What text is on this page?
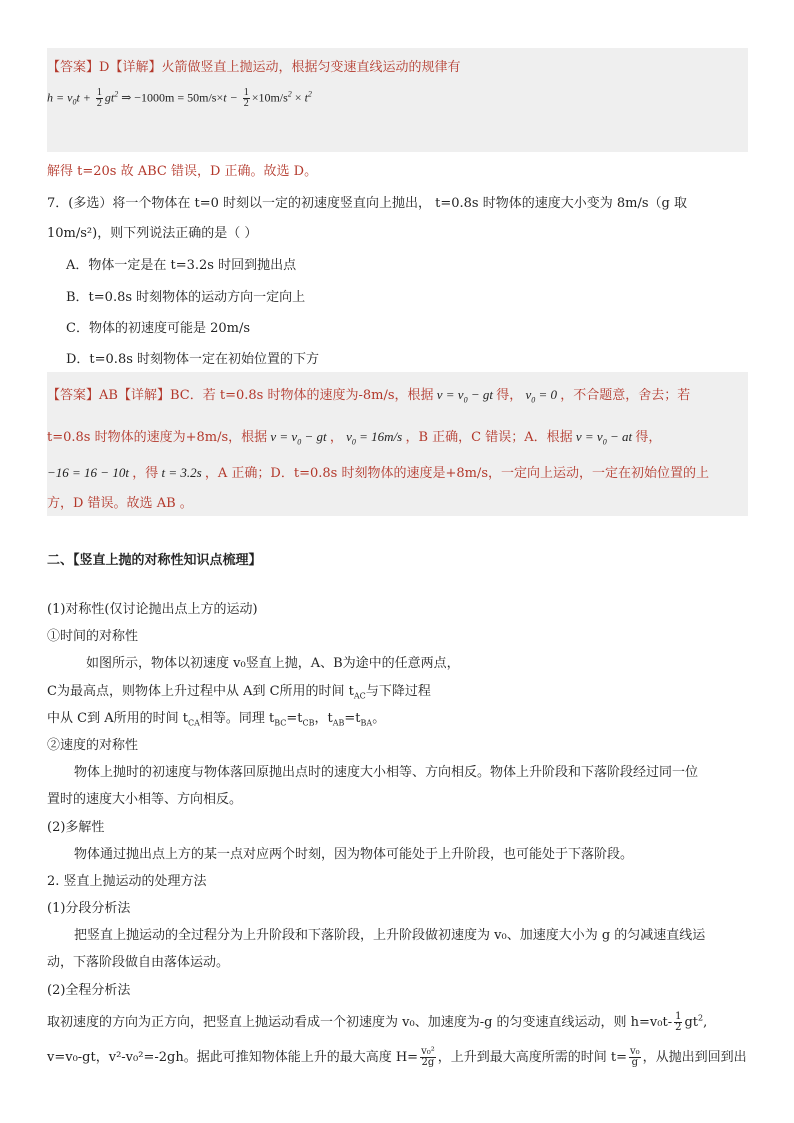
【答案】D【详解】火箭做竖直上抛运动，根据匀变速直线运动的规律有
$h = v_0t + \frac{1}{2} gt^2$ ⇒ $-1000m = 50m/s\times t - \frac{1}{2} \times 10m/s^2 \times t^2$
解得 t=20s 故 ABC 错误，D 正确。故选 D。
7．(多选）将一个物体在 t=0 时刻以一定的初速度竖直向上抛出， t=0.8s 时物体的速度大小变为 8m/s（g 取
10m/s²)，则下列说法正确的是（ ）
A．物体一定是在 t=3.2s 时回到抛出点
B．t=0.8s 时刻物体的运动方向一定向上
C．物体的初速度可能是 20m/s
D．t=0.8s 时刻物体一定在初始位置的下方
【答案】AB【详解】BC．若 t=0.8s 时物体的速度为-8m/s，根据 $v = v_0$ − gt 得， $v_0 = 0$ ，不合题意，舍去；若
t=0.8s 时物体的速度为+8m/s，根据 $v = v_0$ − gt ， $v_0 = 16m/s$ ，B 正确，C 错误；A．根据 $v = v_0$ − at 得，
−16 = 16 − 10t ，得 t = 3.2s ，A 正确；D．t=0.8s 时刻物体的速度是+8m/s，一定向上运动，一定在初始位置的上
方，D 错误。故选 AB 。
二、【竖直上抛的对称性知识点梳理】
(1)对称性(仅讨论抛出点上方的运动)
①时间的对称性
如图所示，物体以初速度 v₀竖直上抛，A、B为途中的任意两点，
C为最高点，则物体上升过程中从 A到 C所用的时间 $t_{AC}$与下降过程
中从 C到 A所用的时间 $t_{CA}$相等。同理 $t_{BC}=t_{CB}$，$t_{AB}=t_{BA}$。
②速度的对称性
物体上抛时的初速度与物体落回原抛出点时的速度大小相等、方向相反。物体上升阶段和下落阶段经过同一位
置时的速度大小相等、方向相反。
(2)多解性
物体通过抛出点上方的某一点对应两个时刻，因为物体可能处于上升阶段，也可能处于下落阶段。
2. 竖直上抛运动的处理方法
(1)分段分析法
把竖直上抛运动的全过程分为上升阶段和下落阶段，上升阶段做初速度为 v₀、加速度大小为 g 的匀减速直线运
动，下落阶段做自由落体运动。
(2)全程分析法
取初速度的方向为正方向，把竖直上抛运动看成一个初速度为 v₀、加速度为-g 的匀变速直线运动，则 $h=v_0t- \frac{1}{2} gt^2$,
v=v₀-gt，v²-v₀²=-2gh。据此可推知物体能上升的最大高度 $H= \frac{\text{v₀²}}{2g}$ ，上升到最大高度所需的时间 $t= \frac{\text{v₀}}{g}$ ，从抛出到回到出
